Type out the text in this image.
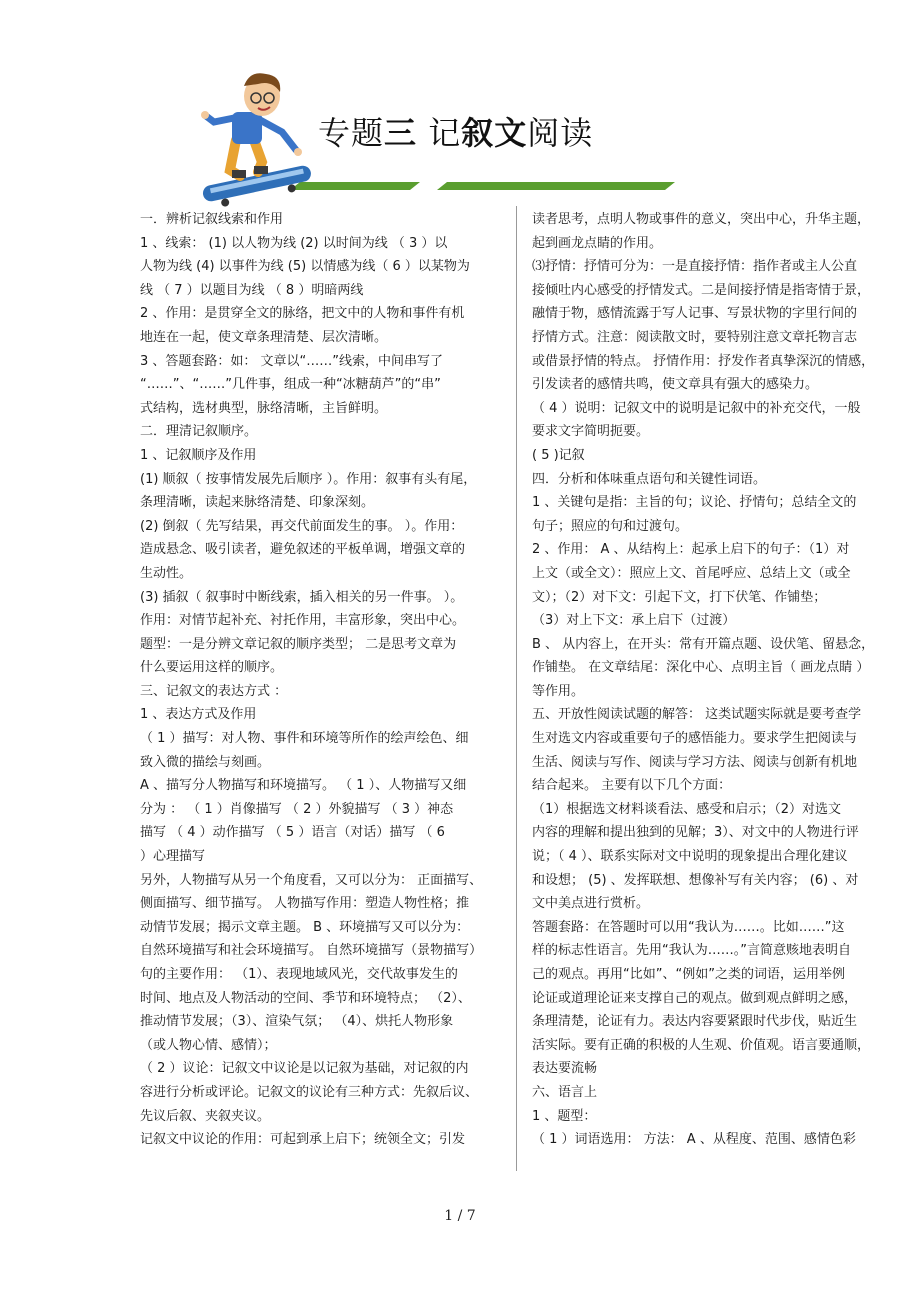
专题三 记叙文阅读

一．辨析记叙线索和作用

1 、线索： (1) 以人物为线 (2) 以时间为线 （ 3 ）以

人物为线 (4) 以事件为线 (5) 以情感为线（ 6 ）以某物为

线 （ 7 ）以题目为线 （ 8 ）明暗两线

2 、作用：是贯穿全文的脉络，把文中的人物和事件有机

地连在一起，使文章条理清楚、层次清晰。

3 、答题套路：如： 文章以“……”线索，中间串写了

“……”、“……”几件事，组成一种“冰糖葫芦”的“串”

式结构，选材典型，脉络清晰，主旨鲜明。

二．理清记叙顺序。

1 、记叙顺序及作用

(1) 顺叙（ 按事情发展先后顺序 ）。作用：叙事有头有尾，

条理清晰，读起来脉络清楚、印象深刻。

(2) 倒叙（ 先写结果，再交代前面发生的事。 ）。作用：

造成悬念、吸引读者，避免叙述的平板单调，增强文章的

生动性。

(3) 插叙（ 叙事时中断线索，插入相关的另一件事。 ）。

作用：对情节起补充、衬托作用，丰富形象，突出中心。

题型：一是分辨文章记叙的顺序类型； 二是思考文章为

什么要运用这样的顺序。

三、记叙文的表达方式 ：

1 、表达方式及作用

（ 1 ）描写：对人物、事件和环境等所作的绘声绘色、细

致入微的描绘与刻画。

A 、描写分人物描写和环境描写。 （ 1 ）、人物描写又细

分为 ： （ 1 ）肖像描写 （ 2 ）外貌描写 （ 3 ）神态

描写 （ 4 ）动作描写 （ 5 ）语言（对话）描写 （ 6

）心理描写

另外，人物描写从另一个角度看，又可以分为： 正面描写、

侧面描写、细节描写。 人物描写作用：塑造人物性格；推

动情节发展；揭示文章主题。 B 、环境描写又可以分为：

自然环境描写和社会环境描写。 自然环境描写（景物描写）

句的主要作用： （1）、表现地域风光，交代故事发生的

时间、地点及人物活动的空间、季节和环境特点； （2）、

推动情节发展；（3）、渲染气氛； （4）、烘托人物形象

（或人物心情、感情）；

（ 2 ）议论：记叙文中议论是以记叙为基础，对记叙的内

容进行分析或评论。记叙文的议论有三种方式：先叙后议、

先议后叙、夹叙夹议。

记叙文中议论的作用：可起到承上启下；统领全文；引发

读者思考，点明人物或事件的意义，突出中心，升华主题，

起到画龙点睛的作用。

⑶抒情：抒情可分为：一是直接抒情：指作者或主人公直

接倾吐内心感受的抒情发式。二是间接抒情是指寄情于景，

融情于物，感情流露于写人记事、写景状物的字里行间的

抒情方式。注意：阅读散文时，要特别注意文章托物言志

或借景抒情的特点。 抒情作用：抒发作者真挚深沉的情感，

引发读者的感情共鸣，使文章具有强大的感染力。

（ 4 ）说明：记叙文中的说明是记叙中的补充交代，一般

要求文字简明扼要。

( 5 )记叙

四．分析和体味重点语句和关键性词语。

1 、关键句是指：主旨的句；议论、抒情句；总结全文的

句子；照应的句和过渡句。

2 、作用： A 、从结构上：起承上启下的句子：（1）对

上文（或全文）：照应上文、首尾呼应、总结上文（或全

文）；（2）对下文：引起下文，打下伏笔、作铺垫；

（3）对上下文：承上启下（过渡）

B 、 从内容上，在开头：常有开篇点题、设伏笔、留悬念，

作铺垫。 在文章结尾：深化中心、点明主旨（ 画龙点睛 ）

等作用。

五、开放性阅读试题的解答： 这类试题实际就是要考查学

生对选文内容或重要句子的感悟能力。要求学生把阅读与

生活、阅读与写作、阅读与学习方法、阅读与创新有机地

结合起来。 主要有以下几个方面：

（1）根据选文材料谈看法、感受和启示；（2）对选文

内容的理解和提出独到的见解；3）、对文中的人物进行评

说；（ 4 ）、联系实际对文中说明的现象提出合理化建议

和设想； (5) 、发挥联想、想像补写有关内容； (6) 、对

文中美点进行赏析。

答题套路：在答题时可以用“我认为……。比如……”这

样的标志性语言。先用“我认为……。”言简意赅地表明自

己的观点。再用“比如”、“例如”之类的词语，运用举例

论证或道理论证来支撑自己的观点。做到观点鲜明之感，

条理清楚，论证有力。表达内容要紧跟时代步伐，贴近生

活实际。要有正确的积极的人生观、价值观。语言要通顺，

表达要流畅

六、语言上

1 、题型：

（ 1 ）词语选用： 方法： A 、从程度、范围、感情色彩

1 / 7
